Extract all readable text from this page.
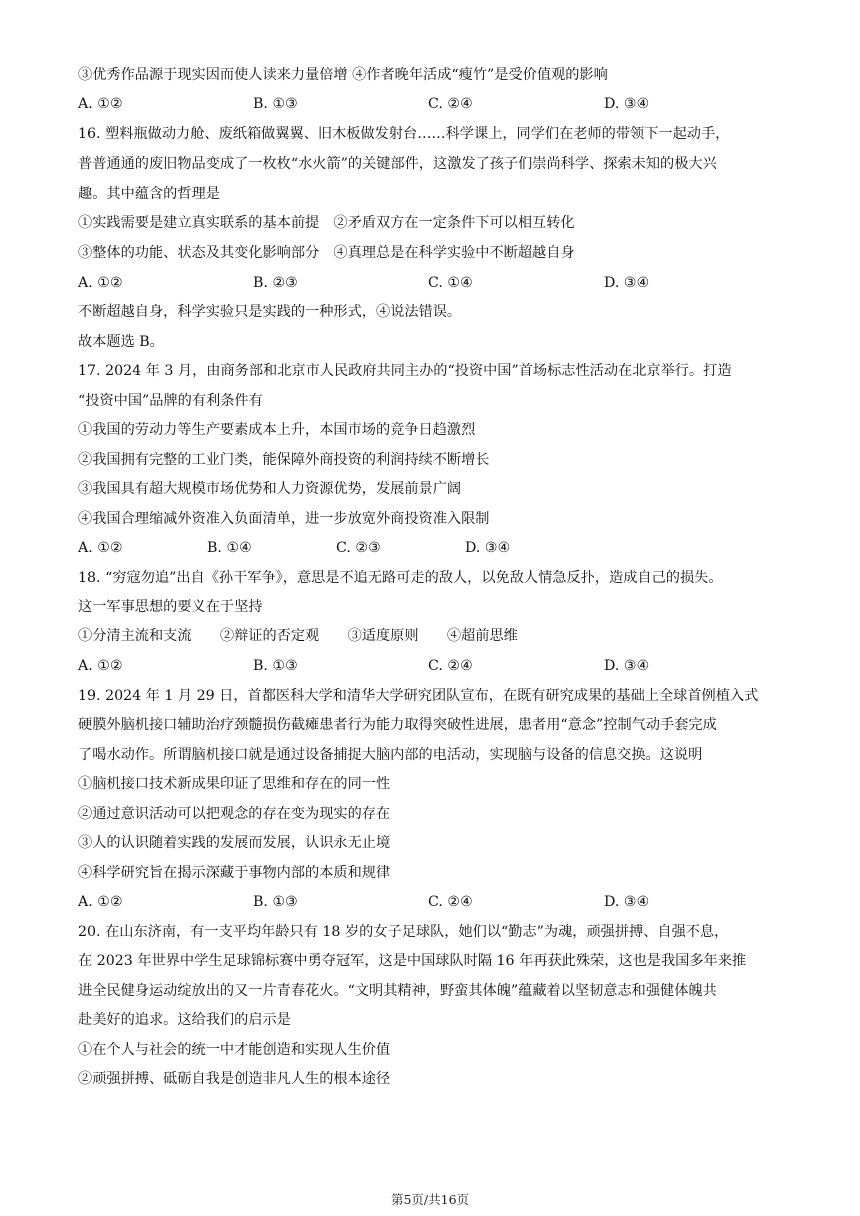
③优秀作品源于现实因而使人读来力量倍增 ④作者晚年活成“瘦竹”是受价值观的影响
A. ①②	B. ①③	C. ②④	D. ③④
16. 塑料瓶做动力舱、废纸箱做翼翼、旧木板做发射台……科学课上，同学们在老师的带领下一起动手，
普普通通的废旧物品变成了一枚枚“水火箭”的关键部件，这激发了孩子们崇尚科学、探索未知的极大兴
趣。其中蕴含的哲理是
①实践需要是建立真实联系的基本前提　②矛盾双方在一定条件下可以相互转化
③整体的功能、状态及其变化影响部分　④真理总是在科学实验中不断超越自身
A. ①②	B. ②③	C. ①④	D. ③④
不断超越自身，科学实验只是实践的一种形式，④说法错误。
故本题选 B。
17. 2024 年 3 月，由商务部和北京市人民政府共同主办的“投资中国”首场标志性活动在北京举行。打造
“投资中国”品牌的有利条件有
①我国的劳动力等生产要素成本上升，本国市场的竞争日趋激烈
②我国拥有完整的工业门类，能保障外商投资的利润持续不断增长
③我国具有超大规模市场优势和人力资源优势，发展前景广阔
④我国合理缩减外资准入负面清单，进一步放宽外商投资准入限制
A. ①②	B. ①④	C. ②③	D. ③④
18. “穷寇勿追”出自《孙干军争》，意思是不追无路可走的敌人，以免敌人情急反扑，造成自己的损失。
这一军事思想的要义在于坚持
①分清主流和支流　　②辩证的否定观　　③适度原则　　④超前思维
A. ①②	B. ①③	C. ②④	D. ③④
19. 2024 年 1 月 29 日，首都医科大学和清华大学研究团队宣布，在既有研究成果的基础上全球首例植入式
硬膜外脑机接口辅助治疗颈髓损伤截瘫患者行为能力取得突破性进展，患者用“意念”控制气动手套完成
了喝水动作。所谓脑机接口就是通过设备捕捉大脑内部的电活动，实现脑与设备的信息交换。这说明
①脑机接口技术新成果印证了思维和存在的同一性
②通过意识活动可以把观念的存在变为现实的存在
③人的认识随着实践的发展而发展，认识永无止境
④科学研究旨在揭示深藏于事物内部的本质和规律
A. ①②	B. ①③	C. ②④	D. ③④
20. 在山东济南，有一支平均年龄只有 18 岁的女子足球队，她们以“勤志”为魂，顽强拼搏、自强不息，
在 2023 年世界中学生足球锦标赛中勇夺冠军，这是中国球队时隔 16 年再获此殊荣，这也是我国多年来推
进全民健身运动绽放出的又一片青春花火。“文明其精神，野蛮其体魄”蕴藏着以坚韧意志和强健体魄共
赴美好的追求。这给我们的启示是
①在个人与社会的统一中才能创造和实现人生价值
②顽强拼搏、砥砺自我是创造非凡人生的根本途径
第5页/共16页
